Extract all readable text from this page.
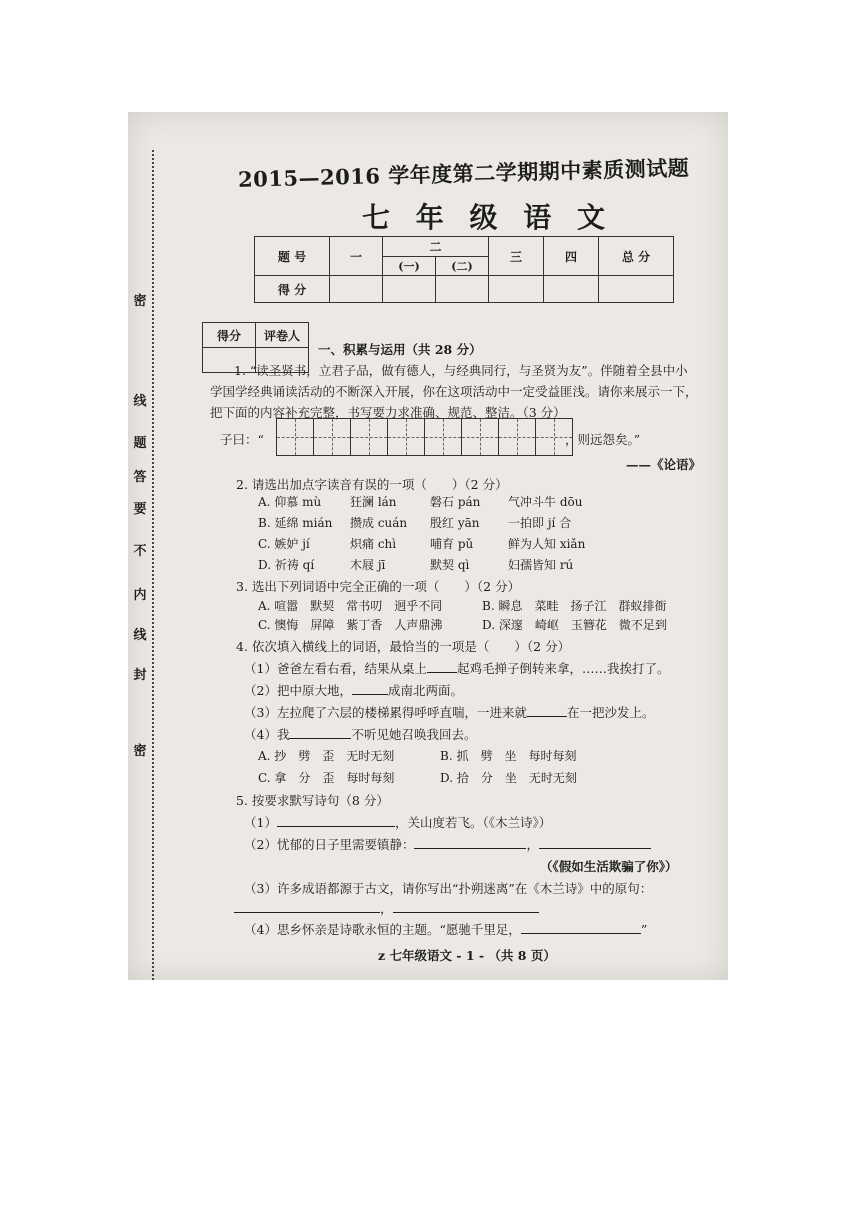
密
线
题
答
要
不
内
线
封
密
2015—2016 学年度第二学期期中素质测试题
七 年 级 语 文
题 号	一	二		三	四	总 分
		(一)	(二)			
得 分						
得分	评卷人

一、积累与运用（共 28 分）
1. “读圣贤书，立君子品，做有德人，与经典同行，与圣贤为友”。伴随着全县中小
学国学经典诵读活动的不断深入开展，你在这项活动中一定受益匪浅。请你来展示一下，
把下面的内容补充完整，书写要力求准确、规范、整洁。（3 分）
子曰：“	，则远怨矣。”
——《论语》
2. 请选出加点字读音有误的一项（　　）（2 分）
A. 仰慕 mù 狂澜 lán	磐石 pán 气冲斗牛 dōu
B. 延绵 mián 攒成 cuán 殷红 yān 一拍即 jí 合
C. 嫉妒 jí	炽痛 chì	哺育 pǔ	鲜为人知 xiǎn
D. 祈祷 qí	木屐 jī	默契 qì	妇孺皆知 rú
3. 选出下列词语中完全正确的一项（　　）（2 分）
A. 喧嚣　默契　常书叨　迥乎不同	B. 瞬息　菜畦　扬子江　群蚁排衙
C. 懊悔　屏障　紫丁香　人声鼎沸	D. 深邃　崎岖　玉簪花　微不足到
4. 依次填入横线上的词语，最恰当的一项是（　　）（2 分）
（1）爸爸左看右看，结果从桌上 起鸡毛掸子倒转来拿，……我挨打了。
（2）把中原大地，	成南北两面。
（3）左拉爬了六层的楼梯累得呼呼直喘，一进来就	在一把沙发上。
（4）我	不听见她召唤我回去。
A. 抄　劈　歪　无时无刻	B. 抓　劈　坐　每时每刻
C. 拿　分　歪　每时每刻	D. 拾　分　坐　无时无刻
5. 按要求默写诗句（8 分）
（1）	，关山度若飞。（《木兰诗》）
（2）忧郁的日子里需要镇静：	，
（《假如生活欺骗了你》）
（3）许多成语都源于古文，请你写出“扑朔迷离”在《木兰诗》中的原句：
，
（4）思乡怀亲是诗歌永恒的主题。“愿驰千里足，	”
z 七年级语文 - 1 - （共 8 页）
